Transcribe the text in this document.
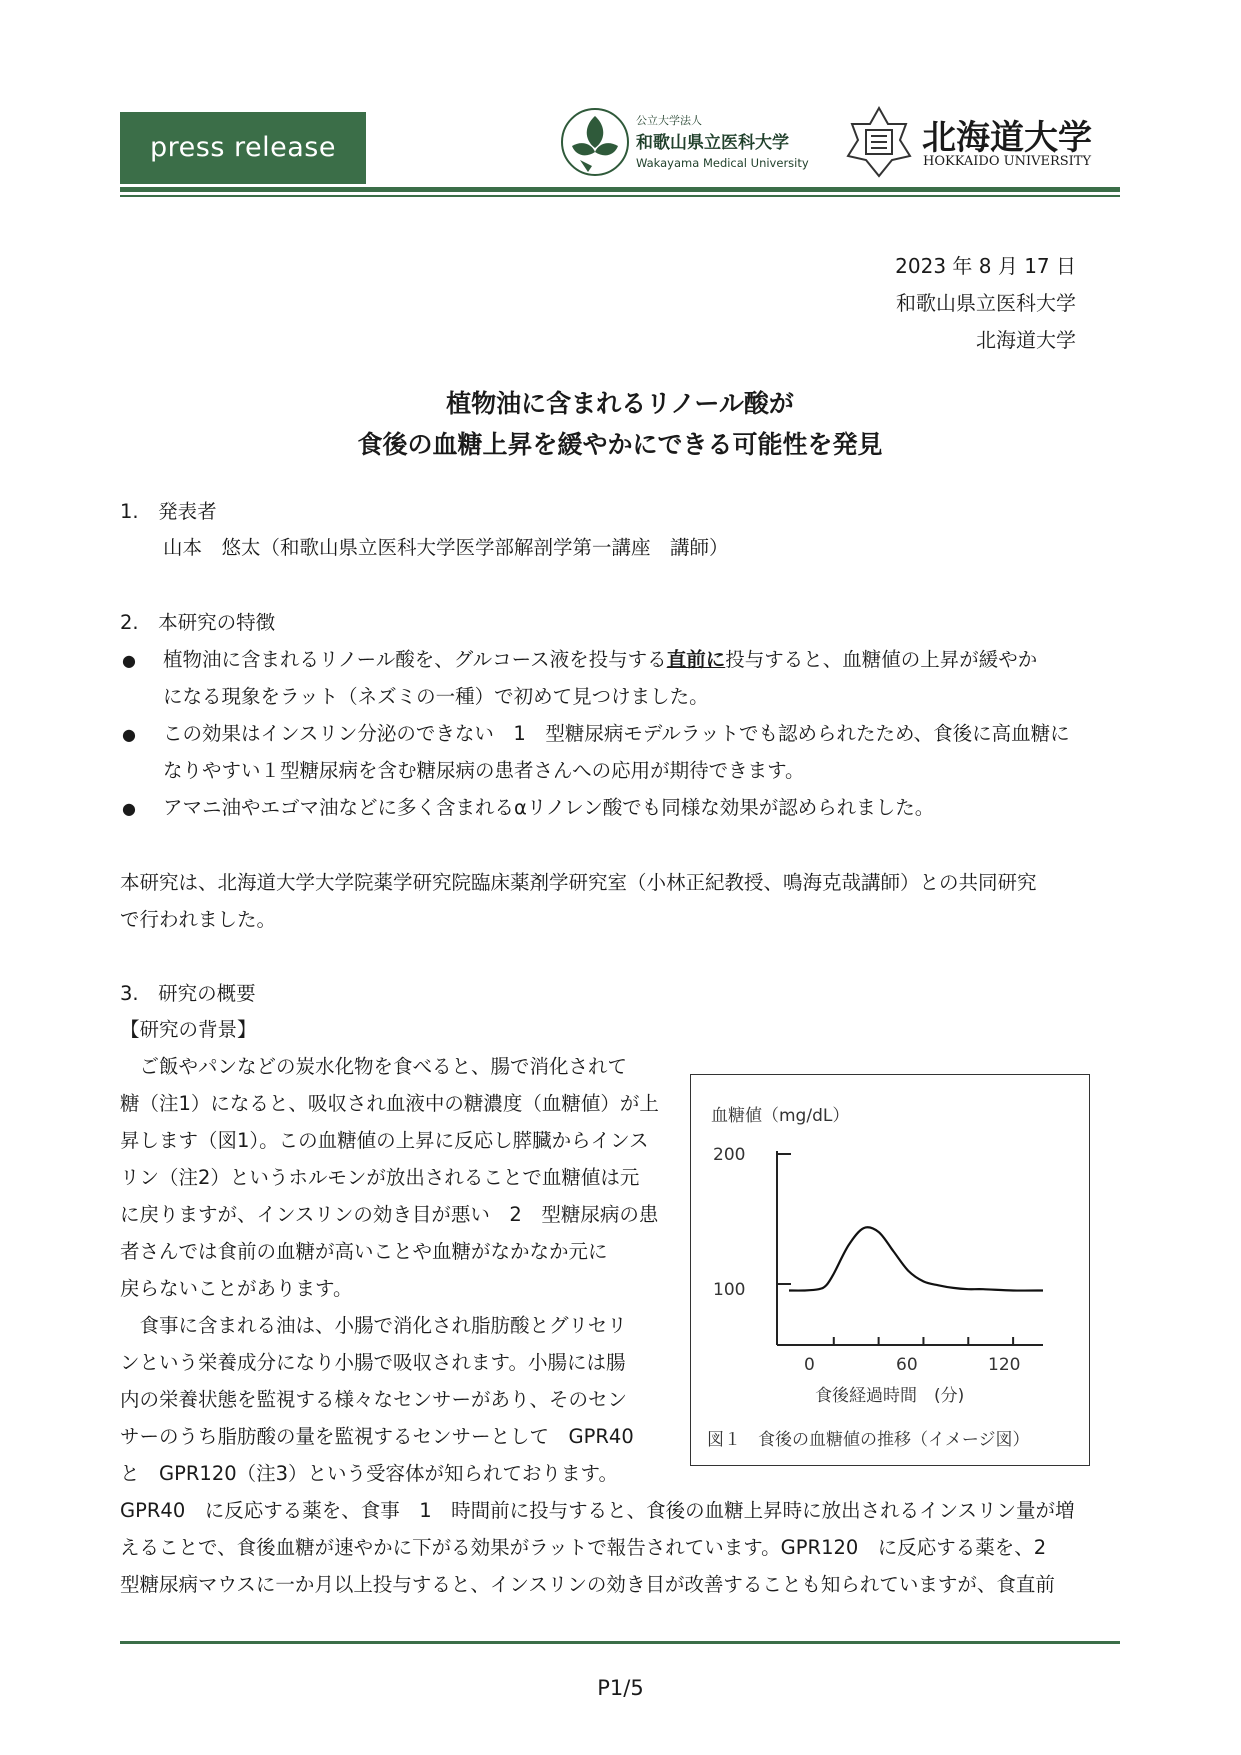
press release
公立大学法人
和歌山県立医科大学
Wakayama Medical University
北海道大学
HOKKAIDO UNIVERSITY
2023 年 8 月 17 日
和歌山県立医科大学
北海道大学
植物油に含まれるリノール酸が
食後の血糖上昇を緩やかにできる可能性を発見
1.　発表者
山本　悠太（和歌山県立医科大学医学部解剖学第一講座　講師）
2.　本研究の特徴
● 植物油に含まれるリノール酸を、グルコース液を投与する直前に投与すると、血糖値の上昇が緩やか
になる現象をラット（ネズミの一種）で初めて見つけました。
● この効果はインスリン分泌のできない　1　型糖尿病モデルラットでも認められたため、食後に高血糖に
なりやすい１型糖尿病を含む糖尿病の患者さんへの応用が期待できます。
● アマニ油やエゴマ油などに多く含まれるαリノレン酸でも同様な効果が認められました。
本研究は、北海道大学大学院薬学研究院臨床薬剤学研究室（小林正紀教授、鳴海克哉講師）との共同研究
で行われました。
3.　研究の概要
【研究の背景】
　ご飯やパンなどの炭水化物を食べると、腸で消化されて
糖（注1）になると、吸収され血液中の糖濃度（血糖値）が上
昇します（図1）。この血糖値の上昇に反応し膵臓からインス
リン（注2）というホルモンが放出されることで血糖値は元
に戻りますが、インスリンの効き目が悪い　2　型糖尿病の患
者さんでは食前の血糖が高いことや血糖がなかなか元に
戻らないことがあります。
　食事に含まれる油は、小腸で消化され脂肪酸とグリセリ
ンという栄養成分になり小腸で吸収されます。小腸には腸
内の栄養状態を監視する様々なセンサーがあり、そのセン
サーのうち脂肪酸の量を監視するセンサーとして　GPR40
と　GPR120（注3）という受容体が知られております。
GPR40　に反応する薬を、食事　1　時間前に投与すると、食後の血糖上昇時に放出されるインスリン量が増
えることで、食後血糖が速やかに下がる効果がラットで報告されています。GPR120　に反応する薬を、2
型糖尿病マウスに一か月以上投与すると、インスリンの効き目が改善することも知られていますが、食直前
血糖値（mg/dL）
200
100
0	60	120
食後経過時間　(分)
図１　食後の血糖値の推移（イメージ図）
P1/5
